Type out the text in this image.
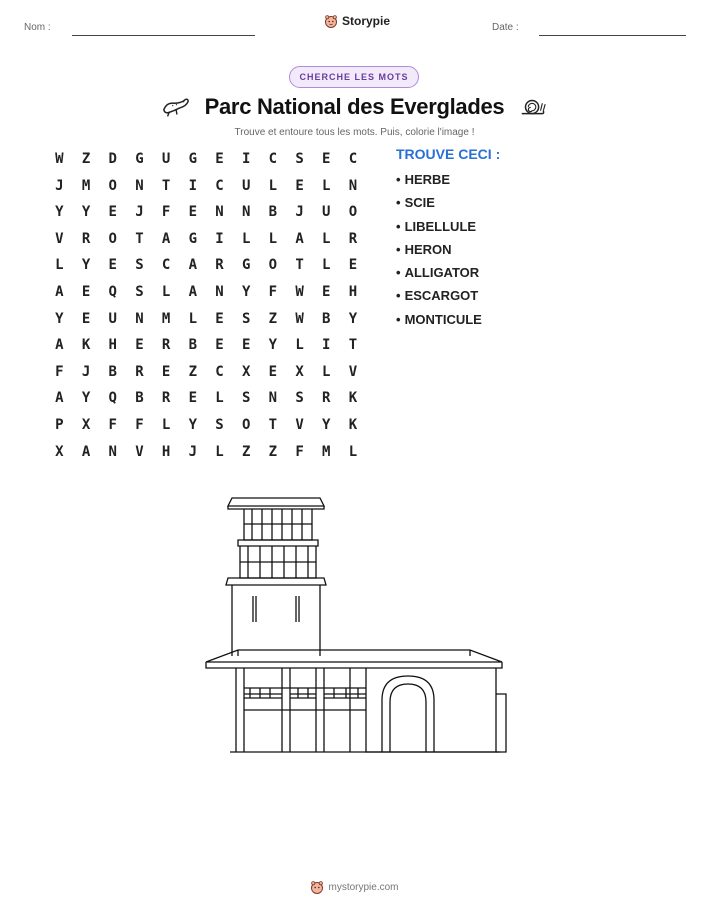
Nom :	Storypie	Date :
CHERCHE LES MOTS
Parc National des Everglades
Trouve et entoure tous les mots. Puis, colorie l'image !
W	Z	D	G	U	G	E	I	C	S	E	C
J	M	O	N	T	I	C	U	L	E	L	N
Y	Y	E	J	F	E	N	N	B	J	U	O
V	R	O	T	A	G	I	L	L	A	L	R
L	Y	E	S	C	A	R	G	O	T	L	E
A	E	Q	S	L	A	N	Y	F	W	E	H
Y	E	U	N	M	L	E	S	Z	W	B	Y
A	K	H	E	R	B	E	E	Y	L	I	T
F	J	B	R	E	Z	C	X	E	X	L	V
A	Y	Q	B	R	E	L	S	N	S	R	K
P	X	F	F	L	Y	S	O	T	V	Y	K
X	A	N	V	H	J	L	Z	Z	F	M	L
TROUVE CECI :
• HERBE
• SCIE
• LIBELLULE
• HERON
• ALLIGATOR
• ESCARGOT
• MONTICULE
mystorypie.com
